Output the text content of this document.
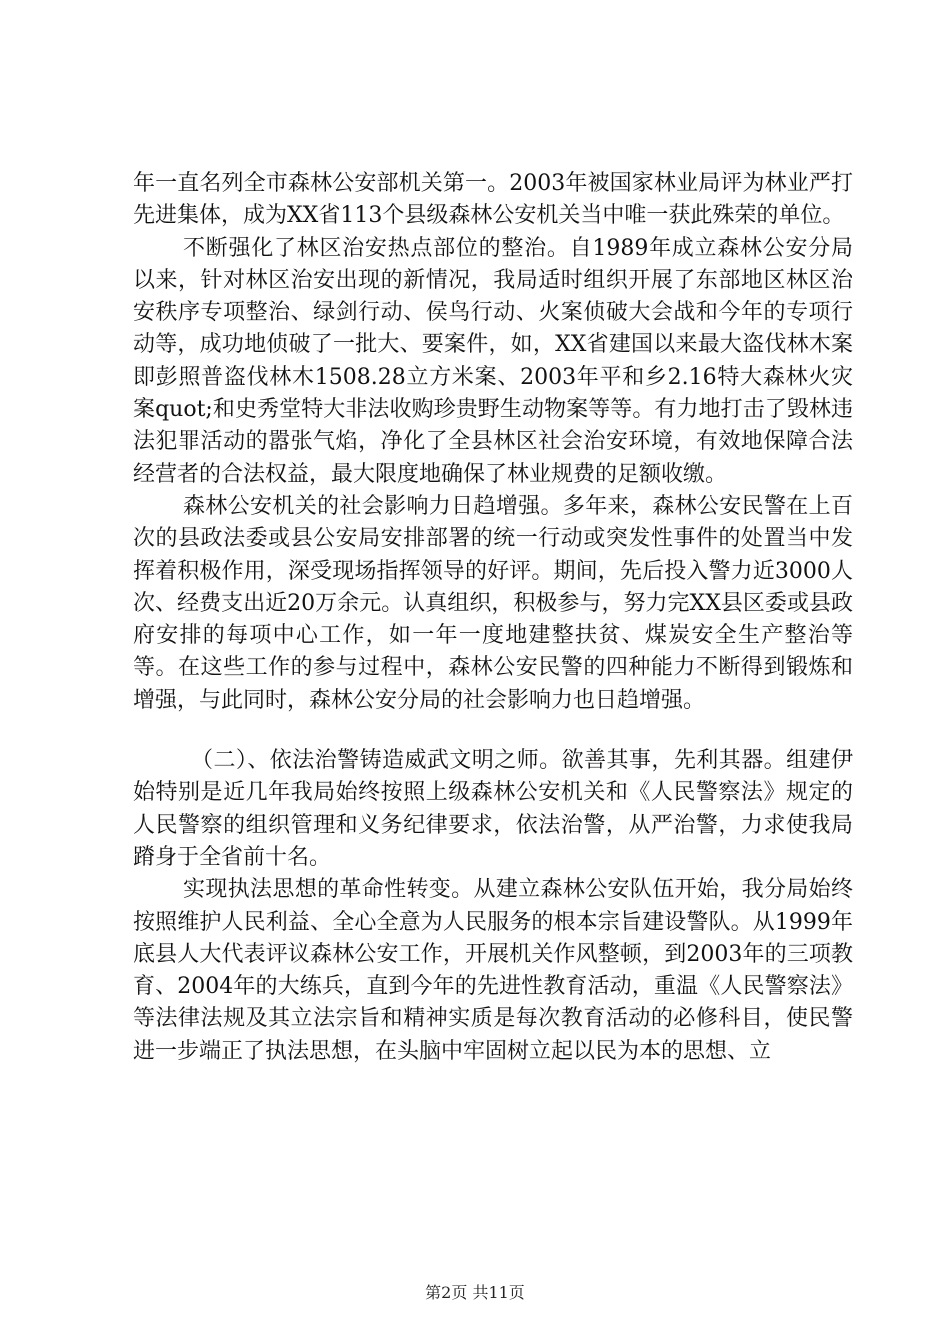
年一直名列全市森林公安部机关第一。2003年被国家林业局评为林业严打先进集体，成为XX省113个县级森林公安机关当中唯一获此殊荣的单位。

不断强化了林区治安热点部位的整治。自1989年成立森林公安分局以来，针对林区治安出现的新情况，我局适时组织开展了东部地区林区治安秩序专项整治、绿剑行动、侯鸟行动、火案侦破大会战和今年的专项行动等，成功地侦破了一批大、要案件，如，XX省建国以来最大盗伐林木案即彭照普盗伐林木1508.28立方米案、2003年平和乡2.16特大森林火灾案quot;和史秀堂特大非法收购珍贵野生动物案等等。有力地打击了毁林违法犯罪活动的嚣张气焰，净化了全县林区社会治安环境，有效地保障合法经营者的合法权益，最大限度地确保了林业规费的足额收缴。

森林公安机关的社会影响力日趋增强。多年来，森林公安民警在上百次的县政法委或县公安局安排部署的统一行动或突发性事件的处置当中发挥着积极作用，深受现场指挥领导的好评。期间，先后投入警力近3000人次、经费支出近20万余元。认真组织，积极参与，努力完XX县区委或县政府安排的每项中心工作，如一年一度地建整扶贫、煤炭安全生产整治等等。在这些工作的参与过程中，森林公安民警的四种能力不断得到锻炼和增强，与此同时，森林公安分局的社会影响力也日趋增强。

（二）、依法治警铸造威武文明之师。欲善其事，先利其器。组建伊始特别是近几年我局始终按照上级森林公安机关和《人民警察法》规定的人民警察的组织管理和义务纪律要求，依法治警，从严治警，力求使我局蹐身于全省前十名。

实现执法思想的革命性转变。从建立森林公安队伍开始，我分局始终按照维护人民利益、全心全意为人民服务的根本宗旨建设警队。从1999年底县人大代表评议森林公安工作，开展机关作风整顿，到2003年的三项教育、2004年的大练兵，直到今年的先进性教育活动，重温《人民警察法》等法律法规及其立法宗旨和精神实质是每次教育活动的必修科目，使民警进一步端正了执法思想，在头脑中牢固树立起以民为本的思想、立

第2页 共11页
